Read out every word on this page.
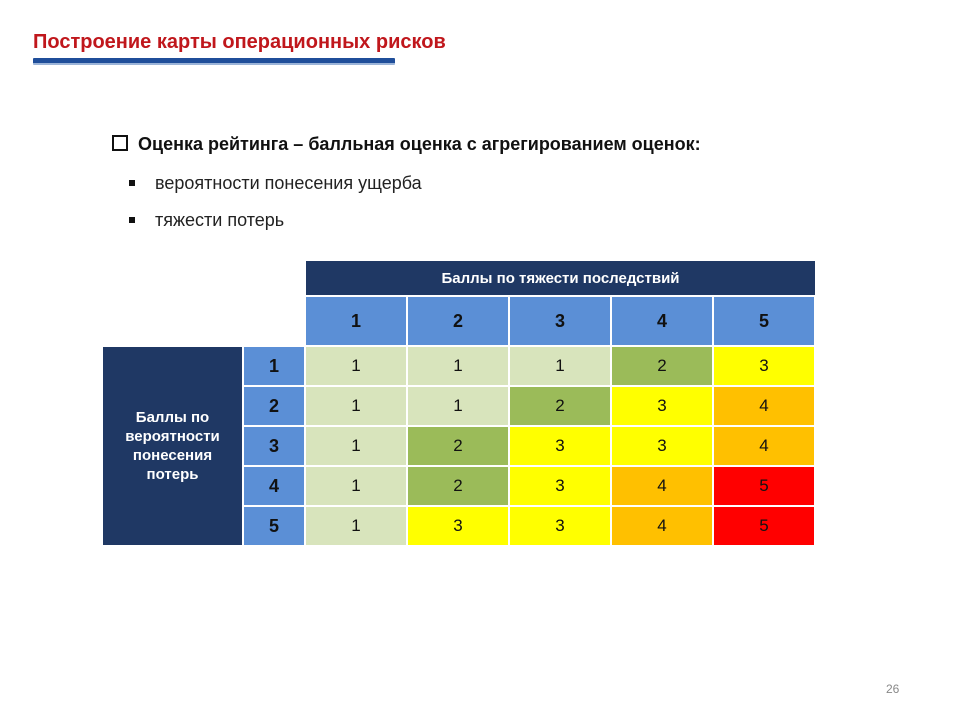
Построение карты операционных рисков
Оценка рейтинга – балльная оценка с агрегированием оценок:
вероятности понесения ущерба
тяжести потерь
Баллы по тяжести последствий
Баллы по вероятности понесения потерь
1	2	3	4	5
1	1	1	1	2	3
2	1	1	2	3	4
3	1	2	3	3	4
4	1	2	3	4	5
5	1	3	3	4	5
26
